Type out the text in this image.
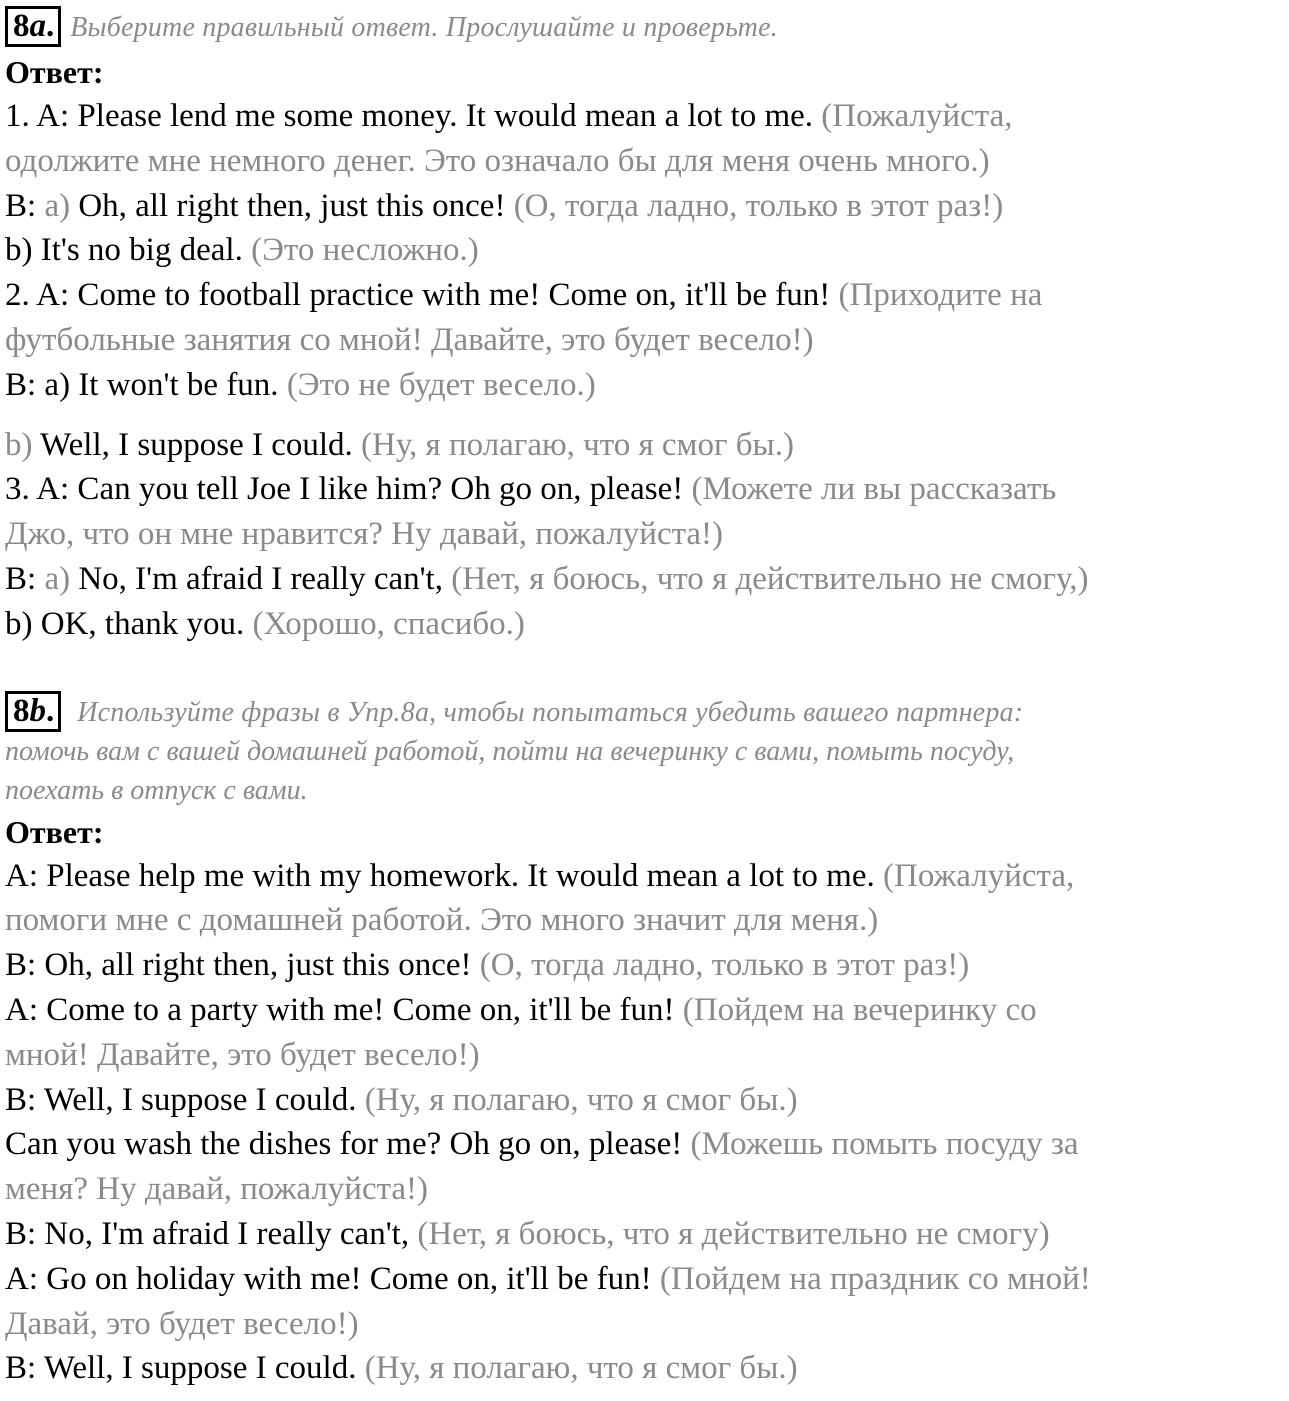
8a. Выберите правильный ответ. Прослушайте и проверьте.
Ответ:
1. A: Please lend me some money. It would mean a lot to me. (Пожалуйста,
одолжите мне немного денег. Это означало бы для меня очень много.)
B: a) Oh, all right then, just this once! (О, тогда ладно, только в этот раз!)
b) It's no big deal. (Это несложно.)
2. A: Come to football practice with me! Come on, it'll be fun! (Приходите на
футбольные занятия со мной! Давайте, это будет весело!)
B: a) It won't be fun. (Это не будет весело.)
b) Well, I suppose I could. (Ну, я полагаю, что я смог бы.)
3. A: Can you tell Joe I like him? Oh go on, please! (Можете ли вы рассказать
Джо, что он мне нравится? Ну давай, пожалуйста!)
B: a) No, I'm afraid I really can't, (Нет, я боюсь, что я действительно не смогу,)
b) OK, thank you. (Хорошо, спасибо.)
8b. Используйте фразы в Упр.8а, чтобы попытаться убедить вашего партнера:
помочь вам с вашей домашней работой, пойти на вечеринку с вами, помыть посуду,
поехать в отпуск с вами.
Ответ:
A: Please help me with my homework. It would mean a lot to me. (Пожалуйста,
помоги мне с домашней работой. Это много значит для меня.)
B: Oh, all right then, just this once! (О, тогда ладно, только в этот раз!)
A: Come to a party with me! Come on, it'll be fun! (Пойдем на вечеринку со
мной! Давайте, это будет весело!)
B: Well, I suppose I could. (Ну, я полагаю, что я смог бы.)
Can you wash the dishes for me? Oh go on, please! (Можешь помыть посуду за
меня? Ну давай, пожалуйста!)
B: No, I'm afraid I really can't, (Нет, я боюсь, что я действительно не смогу)
A: Go on holiday with me! Come on, it'll be fun! (Пойдем на праздник со мной!
Давай, это будет весело!)
B: Well, I suppose I could. (Ну, я полагаю, что я смог бы.)
